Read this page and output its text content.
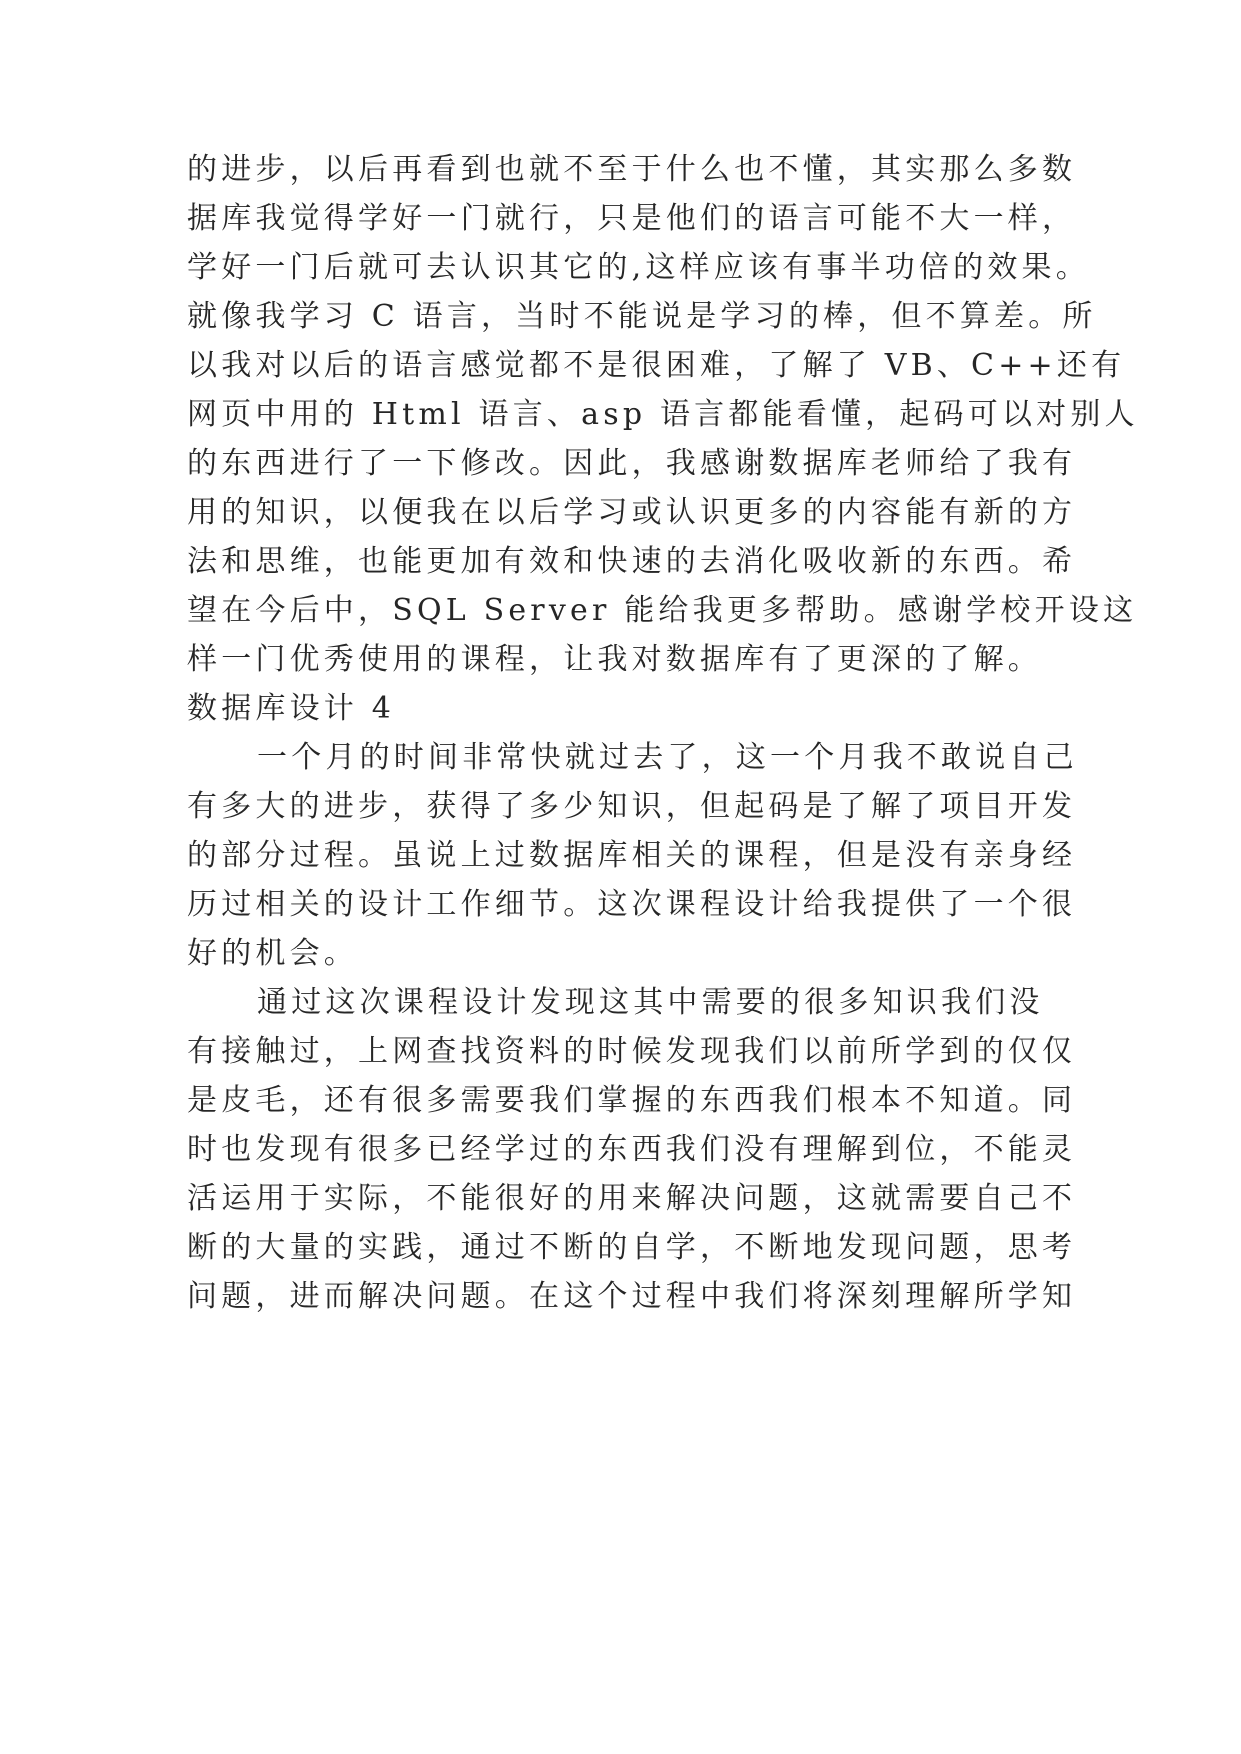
的进步，以后再看到也就不至于什么也不懂，其实那么多数

据库我觉得学好一门就行，只是他们的语言可能不大一样，

学好一门后就可去认识其它的,这样应该有事半功倍的效果。

就像我学习 C 语言，当时不能说是学习的棒，但不算差。所

以我对以后的语言感觉都不是很困难，了解了 VB、C++还有

网页中用的 Html 语言、asp 语言都能看懂，起码可以对别人

的东西进行了一下修改。因此，我感谢数据库老师给了我有

用的知识，以便我在以后学习或认识更多的内容能有新的方

法和思维，也能更加有效和快速的去消化吸收新的东西。希

望在今后中，SQL Server 能给我更多帮助。感谢学校开设这

样一门优秀使用的课程，让我对数据库有了更深的了解。

数据库设计 4

一个月的时间非常快就过去了，这一个月我不敢说自己

有多大的进步，获得了多少知识，但起码是了解了项目开发

的部分过程。虽说上过数据库相关的课程，但是没有亲身经

历过相关的设计工作细节。这次课程设计给我提供了一个很

好的机会。

通过这次课程设计发现这其中需要的很多知识我们没

有接触过，上网查找资料的时候发现我们以前所学到的仅仅

是皮毛，还有很多需要我们掌握的东西我们根本不知道。同

时也发现有很多已经学过的东西我们没有理解到位，不能灵

活运用于实际，不能很好的用来解决问题，这就需要自己不

断的大量的实践，通过不断的自学，不断地发现问题，思考

问题，进而解决问题。在这个过程中我们将深刻理解所学知
